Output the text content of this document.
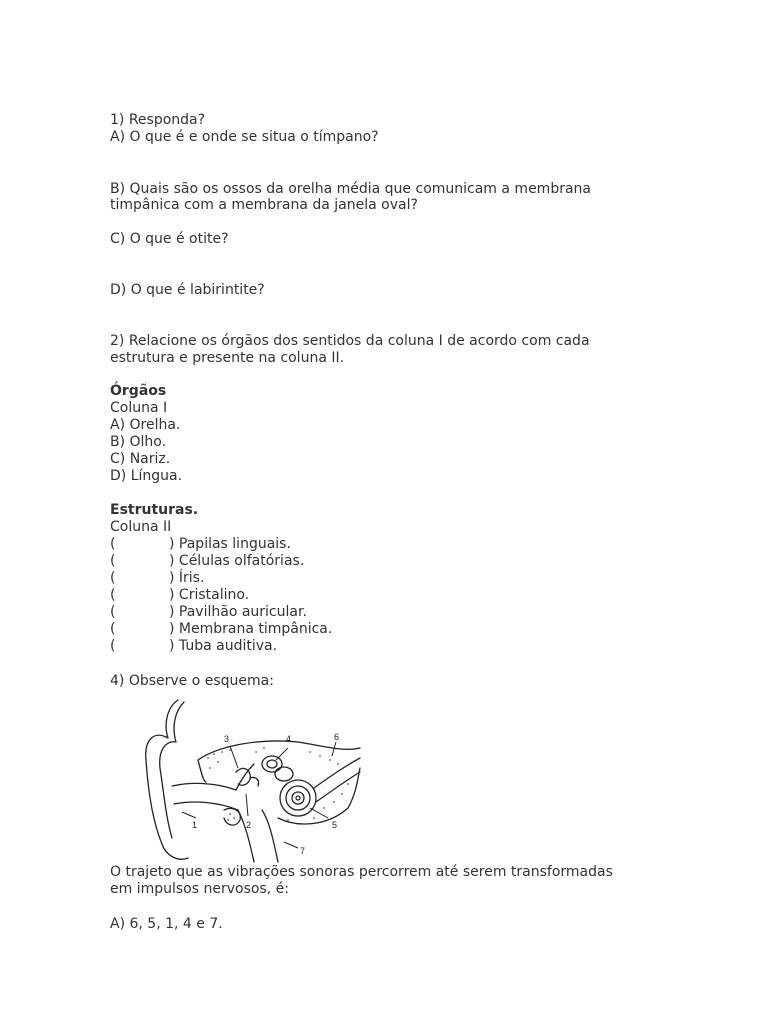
1) Responda?
A) O que é e onde se situa o tímpano?
B) Quais são os ossos da orelha média que comunicam a membrana
timpânica com a membrana da janela oval?
C) O que é otite?
D) O que é labirintite?
2) Relacione os órgãos dos sentidos da coluna I de acordo com cada
estrutura e presente na coluna II.
Órgãos
Coluna I
A) Orelha.
B) Olho.
C) Nariz.
D) Língua.
Estruturas.
Coluna II
(	) Papilas linguais.
(	) Células olfatórias.
(	) Íris.
(	) Cristalino.
(	) Pavilhão auricular.
(	) Membrana timpânica.
(	) Tuba auditiva.
4) Observe o esquema:
1	2
3	4
5
6
7
O trajeto que as vibrações sonoras percorrem até serem transformadas
em impulsos nervosos, é:
A) 6, 5, 1, 4 e 7.
